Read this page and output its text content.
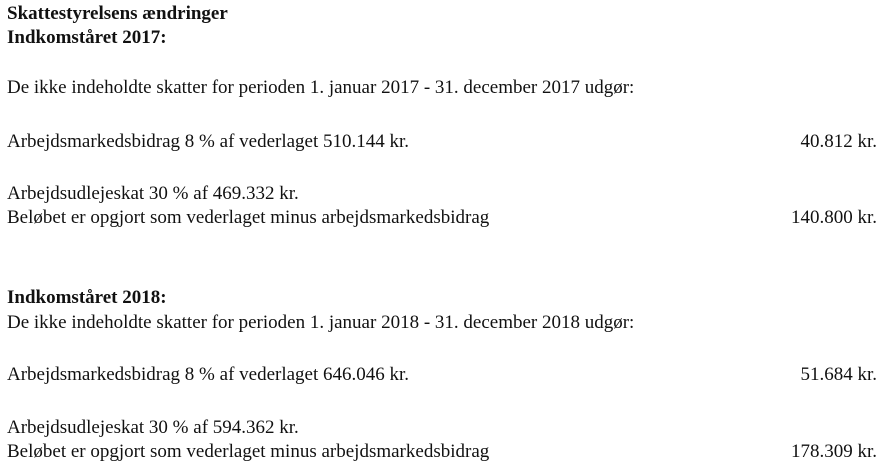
Skattestyrelsens ændringer
Indkomståret 2017:
De ikke indeholdte skatter for perioden 1. januar 2017 - 31. december 2017 udgør:
Arbejdsmarkedsbidrag 8 % af vederlaget 510.144 kr.	40.812 kr.
Arbejdsudlejeskat 30 % af 469.332 kr.
Beløbet er opgjort som vederlaget minus arbejdsmarkedsbidrag	140.800 kr.
Indkomståret 2018:
De ikke indeholdte skatter for perioden 1. januar 2018 - 31. december 2018 udgør:
Arbejdsmarkedsbidrag 8 % af vederlaget 646.046 kr.	51.684 kr.
Arbejdsudlejeskat 30 % af 594.362 kr.
Beløbet er opgjort som vederlaget minus arbejdsmarkedsbidrag	178.309 kr.
